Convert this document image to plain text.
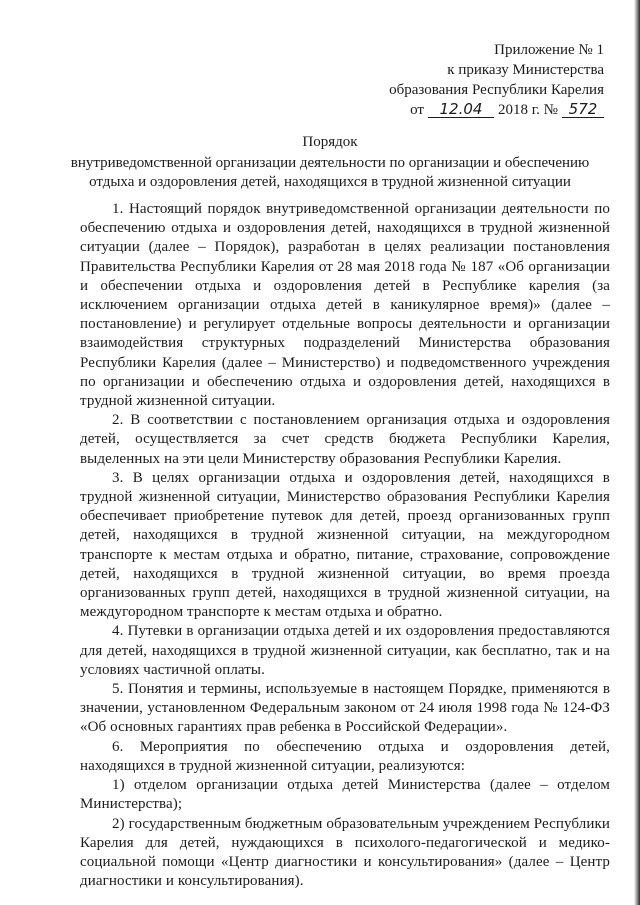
Приложение № 1
к приказу Министерства
образования Республики Карелия
от 12.04 2018 г. № 572
Порядок
внутриведомственной организации деятельности по организации и обеспечению отдыха и оздоровления детей, находящихся в трудной жизненной ситуации

1. Настоящий порядок внутриведомственной организации деятельности по обеспечению отдыха и оздоровления детей, находящихся в трудной жизненной ситуации (далее – Порядок), разработан в целях реализации постановления Правительства Республики Карелия от 28 мая 2018 года № 187 «Об организации и обеспечении отдыха и оздоровления детей в Республике карелия (за исключением организации отдыха детей в каникулярное время)» (далее – постановление) и регулирует отдельные вопросы деятельности и организации взаимодействия структурных подразделений Министерства образования Республики Карелия (далее – Министерство) и подведомственного учреждения по организации и обеспечению отдыха и оздоровления детей, находящихся в трудной жизненной ситуации.

2. В соответствии с постановлением организация отдыха и оздоровления детей, осуществляется за счет средств бюджета Республики Карелия, выделенных на эти цели Министерству образования Республики Карелия.

3. В целях организации отдыха и оздоровления детей, находящихся в трудной жизненной ситуации, Министерство образования Республики Карелия обеспечивает приобретение путевок для детей, проезд организованных групп детей, находящихся в трудной жизненной ситуации, на междугородном транспорте к местам отдыха и обратно, питание, страхование, сопровождение детей, находящихся в трудной жизненной ситуации, во время проезда организованных групп детей, находящихся в трудной жизненной ситуации, на междугородном транспорте к местам отдыха и обратно.

4. Путевки в организации отдыха детей и их оздоровления предоставляются для детей, находящихся в трудной жизненной ситуации, как бесплатно, так и на условиях частичной оплаты.

5. Понятия и термины, используемые в настоящем Порядке, применяются в значении, установленном Федеральным законом от 24 июля 1998 года № 124-ФЗ «Об основных гарантиях прав ребенка в Российской Федерации».

6. Мероприятия по обеспечению отдыха и оздоровления детей, находящихся в трудной жизненной ситуации, реализуются:

1) отделом организации отдыха детей Министерства (далее – отделом Министерства);

2) государственным бюджетным образовательным учреждением Республики Карелия для детей, нуждающихся в психолого-педагогической и медико-социальной помощи «Центр диагностики и консультирования» (далее – Центр диагностики и консультирования).
